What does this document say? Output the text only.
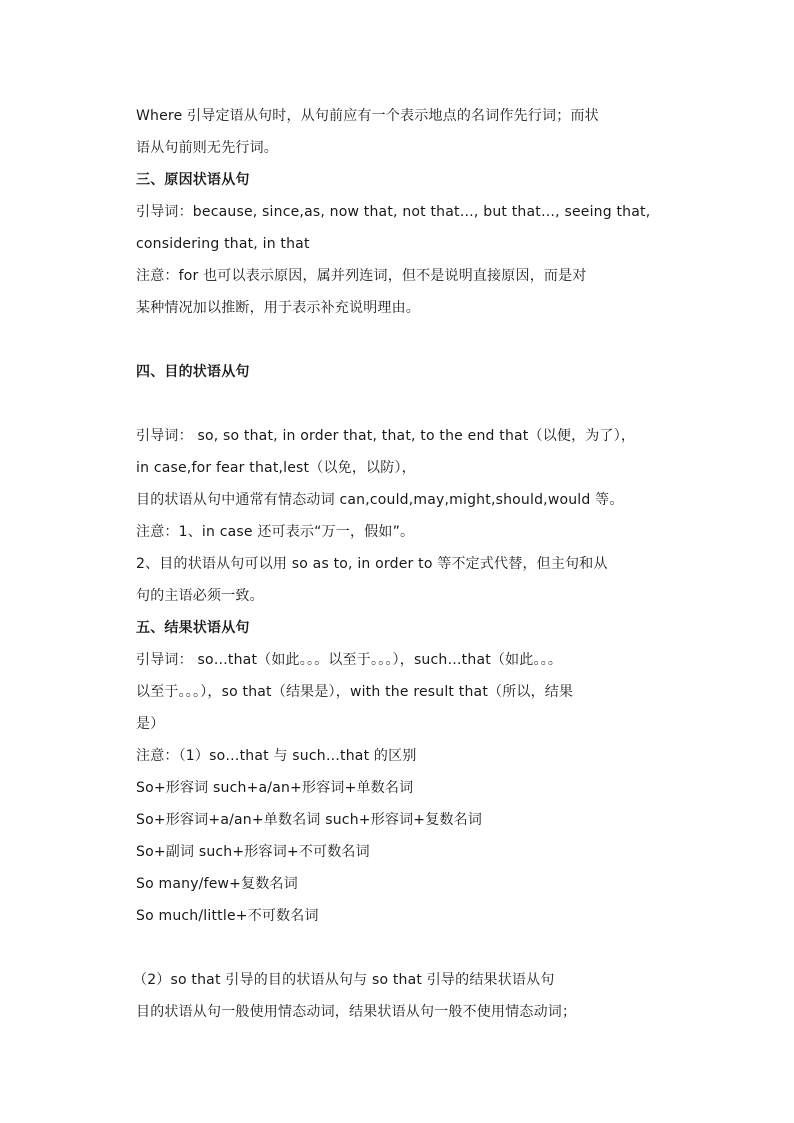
Where 引导定语从句时，从句前应有一个表示地点的名词作先行词；而状
语从句前则无先行词。
三、原因状语从句
引导词：because, since,as, now that, not that…, but that…, seeing that,
considering that, in that
注意：for 也可以表示原因，属并列连词，但不是说明直接原因，而是对
某种情况加以推断，用于表示补充说明理由。
四、目的状语从句
引导词： so, so that, in order that, that, to the end that（以便，为了），
in case,for fear that,lest（以免，以防），
目的状语从句中通常有情态动词 can,could,may,might,should,would 等。
注意：1、in case 还可表示“万一，假如”。
2、目的状语从句可以用 so as to, in order to 等不定式代替，但主句和从
句的主语必须一致。
五、结果状语从句
引导词： so…that（如此。。。以至于。。。），such…that（如此。。。
以至于。。。），so that（结果是），with the result that（所以，结果
是）
注意：（1）so…that 与 such…that 的区别
So+形容词 such+a/an+形容词+单数名词
So+形容词+a/an+单数名词 such+形容词+复数名词
So+副词 such+形容词+不可数名词
So many/few+复数名词
So much/little+不可数名词
（2）so that 引导的目的状语从句与 so that 引导的结果状语从句
目的状语从句一般使用情态动词，结果状语从句一般不使用情态动词；
